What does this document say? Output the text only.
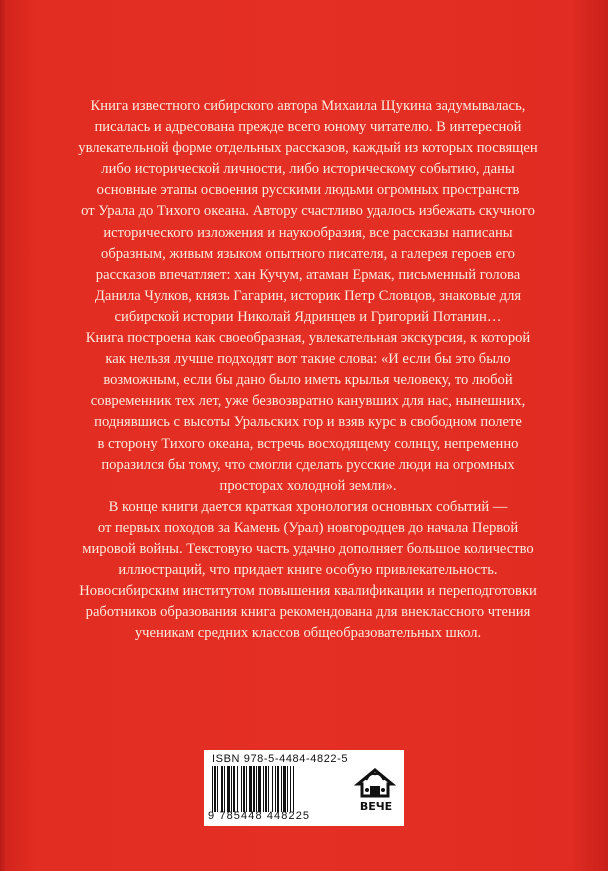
Книга известного сибирского автора Михаила Щукина задумывалась,

писалась и адресована прежде всего юному читателю. В интересной

увлекательной форме отдельных рассказов, каждый из которых посвящен

либо исторической личности, либо историческому событию, даны

основные этапы освоения русскими людьми огромных пространств

от Урала до Тихого океана. Автору счастливо удалось избежать скучного

исторического изложения и наукообразия, все рассказы написаны

образным, живым языком опытного писателя, а галерея героев его

рассказов впечатляет: хан Кучум, атаман Ермак, письменный голова

Данила Чулков, князь Гагарин, историк Петр Словцов, знаковые для

сибирской истории Николай Ядринцев и Григорий Потанин…

Книга построена как своеобразная, увлекательная экскурсия, к которой

как нельзя лучше подходят вот такие слова: «И если бы это было

возможным, если бы дано было иметь крылья человеку, то любой

современник тех лет, уже безвозвратно канувших для нас, нынешних,

поднявшись с высоты Уральских гор и взяв курс в свободном полете

в сторону Тихого океана, встречь восходящему солнцу, непременно

поразился бы тому, что смогли сделать русские люди на огромных

просторах холодной земли».

В конце книги дается краткая хронология основных событий —

от первых походов за Камень (Урал) новгородцев до начала Первой

мировой войны. Текстовую часть удачно дополняет большое количество

иллюстраций, что придает книге особую привлекательность.

Новосибирским институтом повышения квалификации и переподготовки

работников образования книга рекомендована для внеклассного чтения

ученикам средних классов общеобразовательных школ.

ISBN 978-5-4484-4822-5
9 785448 448225
ВЕЧЕ
